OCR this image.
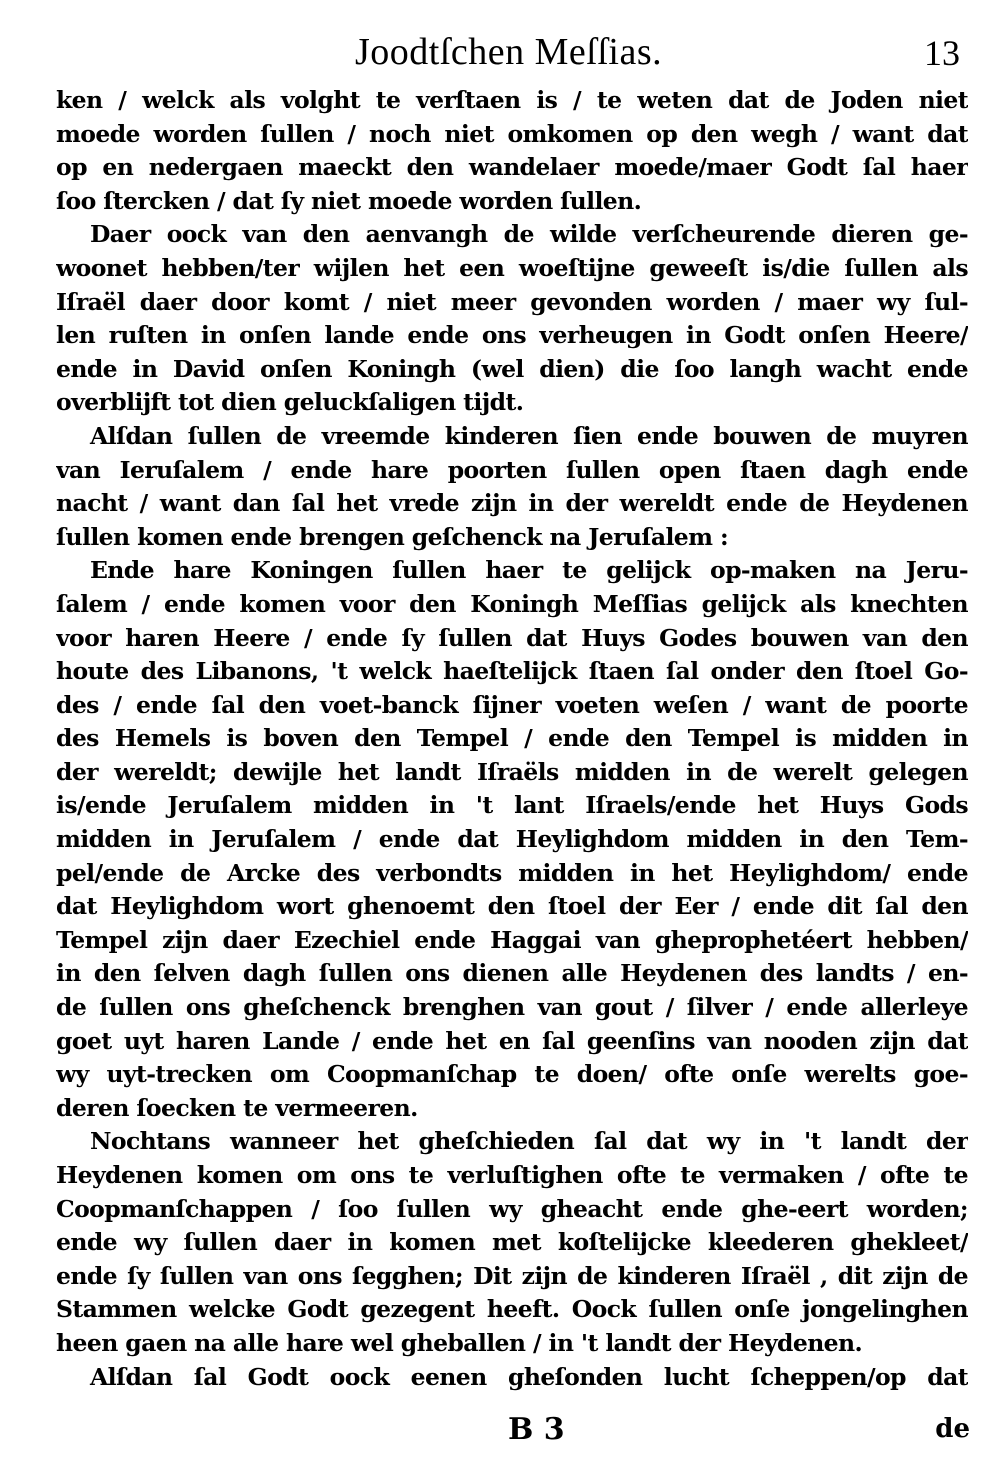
Joodtſchen Meſſias.	13
ken / welck als volght te verſtaen is / te weten dat de Joden niet
moede worden ſullen / noch niet omkomen op den wegh / want dat
op en nedergaen maeckt den wandelaer moede/maer Godt ſal haer
ſoo ſtercken / dat ſy niet moede worden ſullen.
Daer oock van den aenvangh de wilde verſcheurende dieren ge-
woonet hebben/ter wijlen het een woeſtijne geweeſt is/die ſullen als
Iſraël daer door komt / niet meer gevonden worden / maer wy ſul-
len ruſten in onſen lande ende ons verheugen in Godt onſen Heere/
ende in David onſen Koningh (wel dien) die ſoo langh wacht ende
overblijft tot dien geluckſaligen tijdt.
Alſdan ſullen de vreemde kinderen ſien ende bouwen de muyren
van Ieruſalem / ende hare poorten ſullen open ſtaen dagh ende
nacht / want dan ſal het vrede zijn in der wereldt ende de Heydenen
ſullen komen ende brengen geſchenck na Jeruſalem :
Ende hare Koningen ſullen haer te gelijck op-maken na Jeru-
ſalem / ende komen voor den Koningh Meſſias gelijck als knechten
voor haren Heere / ende ſy ſullen dat Huys Godes bouwen van den
houte des Libanons, 't welck haeſtelijck ſtaen ſal onder den ſtoel Go-
des / ende ſal den voet-banck ſijner voeten weſen / want de poorte
des Hemels is boven den Tempel / ende den Tempel is midden in
der wereldt; dewijle het landt Iſraëls midden in de werelt gelegen
is/ende Jeruſalem midden in 't lant Iſraels/ende het Huys Gods
midden in Jeruſalem / ende dat Heylighdom midden in den Tem-
pel/ende de Arcke des verbondts midden in het Heylighdom/ ende
dat Heylighdom wort ghenoemt den ſtoel der Eer / ende dit ſal den
Tempel zijn daer Ezechiel ende Haggai van gheprophetéert hebben/
in den ſelven dagh ſullen ons dienen alle Heydenen des landts / en-
de ſullen ons gheſchenck brenghen van gout / ſilver / ende allerleye
goet uyt haren Lande / ende het en ſal geenſins van nooden zijn dat
wy uyt-trecken om Coopmanſchap te doen/ ofte onſe werelts goe-
deren ſoecken te vermeeren.
Nochtans wanneer het gheſchieden ſal dat wy in 't landt der
Heydenen komen om ons te verluſtighen ofte te vermaken / ofte te
Coopmanſchappen / ſoo ſullen wy gheacht ende ghe-eert worden;
ende wy ſullen daer in komen met koſtelijcke kleederen ghekleet/
ende ſy ſullen van ons ſegghen; Dit zijn de kinderen Iſraël , dit zijn de
Stammen welcke Godt gezegent heeft. Oock ſullen onſe jongelinghen
heen gaen na alle hare wel gheballen / in 't landt der Heydenen.
Alſdan ſal Godt oock eenen gheſonden lucht ſcheppen/op dat
B 3	de
